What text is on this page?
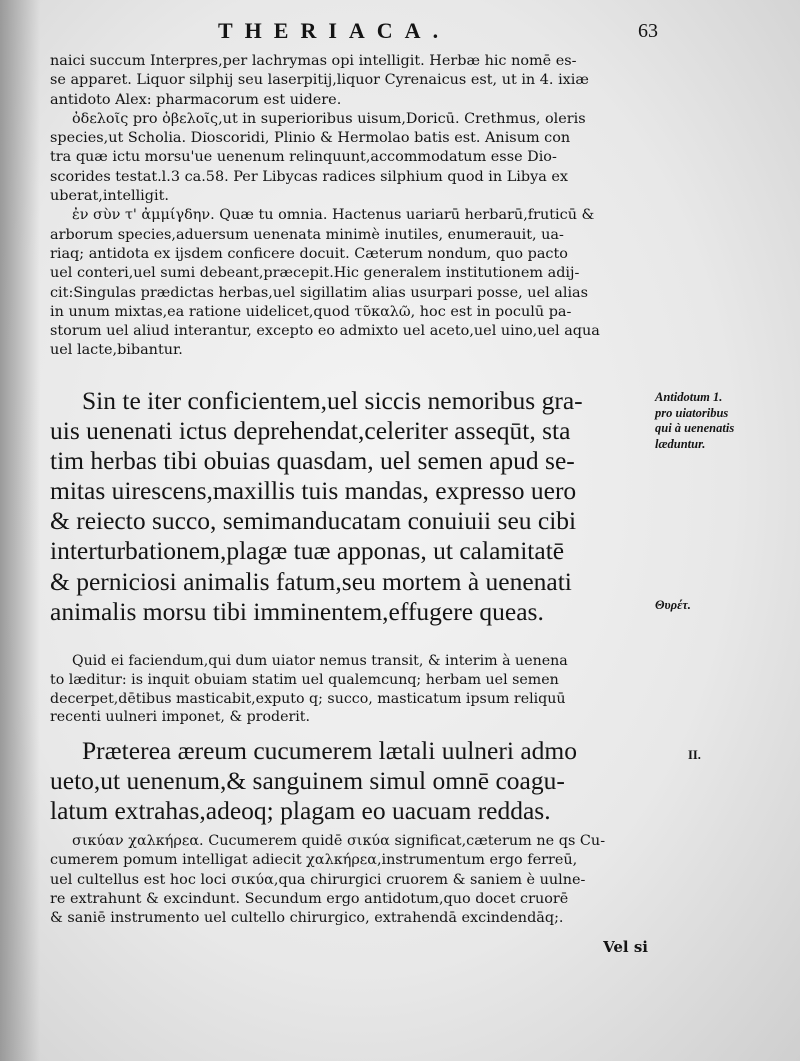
THERIACA.	63
naici succum Interpres,per lachrymas opi intelligit. Herbæ hic nomē es-
se apparet. Liquor silphij seu laserpitij,liquor Cyrenaicus est, ut in 4. ixiæ
antidoto Alex: pharmacorum est uidere.
ὀδελοῖς pro ὀβελοῖς,ut in superioribus uisum,Doricū. Crethmus, oleris
species,ut Scholia. Dioscoridi, Plinio & Hermolao batis est. Anisum con
tra quæ ictu morsu'ue uenenum relinquunt,accommodatum esse Dio-
scorides testat.l.3 ca.58. Per Libycas radices silphium quod in Libya ex
uberat,intelligit.
ἐν σὺν τ' ἀμμίγδην. Quæ tu omnia. Hactenus uariarū herbarū,fruticū &
arborum species,aduersum uenenata minimè inutiles, enumerauit, ua-
riaq; antidota ex ijsdem conficere docuit. Cæterum nondum, quo pacto
uel conteri,uel sumi debeant,præcepit.Hic generalem institutionem adij-
cit:Singulas prædictas herbas,uel sigillatim alias usurpari posse, uel alias
in unum mixtas,ea ratione uidelicet,quod τῦκαλῶ, hoc est in poculū pa-
storum uel aliud interantur, excepto eo admixto uel aceto,uel uino,uel aqua
uel lacte,bibantur.
Sin te iter conficientem,uel siccis nemoribus gra-
uis uenenati ictus deprehendat,celeriter asseqūt, sta
tim herbas tibi obuias quasdam, uel semen apud se-
mitas uirescens,maxillis tuis mandas, expresso uero
& reiecto succo, semimanducatam conuiuii seu cibi
interturbationem,plagæ tuæ apponas, ut calamitatē
& perniciosi animalis fatum,seu mortem à uenenati
animalis morsu tibi imminentem,effugere queas.
Antidotum 1.
pro uiatoribus
qui à uenenatis
læduntur.
Θυρέτ.
II.
Quid ei faciendum,qui dum uiator nemus transit, & interim à uenena
to læditur: is inquit obuiam statim uel qualemcunq; herbam uel semen
decerpet,dētibus masticabit,exputo q; succo, masticatum ipsum reliquū
recenti uulneri imponet, & proderit.
Præterea æreum cucumerem lætali uulneri admo
ueto,ut uenenum,& sanguinem simul omnē coagu-
latum extrahas,adeoq; plagam eo uacuam reddas.
σικύαν χαλκήρεα. Cucumerem quidē σικύα significat,cæterum ne qs Cu-
cumerem pomum intelligat adiecit χαλκήρεα,instrumentum ergo ferreū,
uel cultellus est hoc loci σικύα,qua chirurgici cruorem & saniem è uulne-
re extrahunt & excindunt. Secundum ergo antidotum,quo docet cruorē
& saniē instrumento uel cultello chirurgico, extrahendā excindendāq;.
Vel si
